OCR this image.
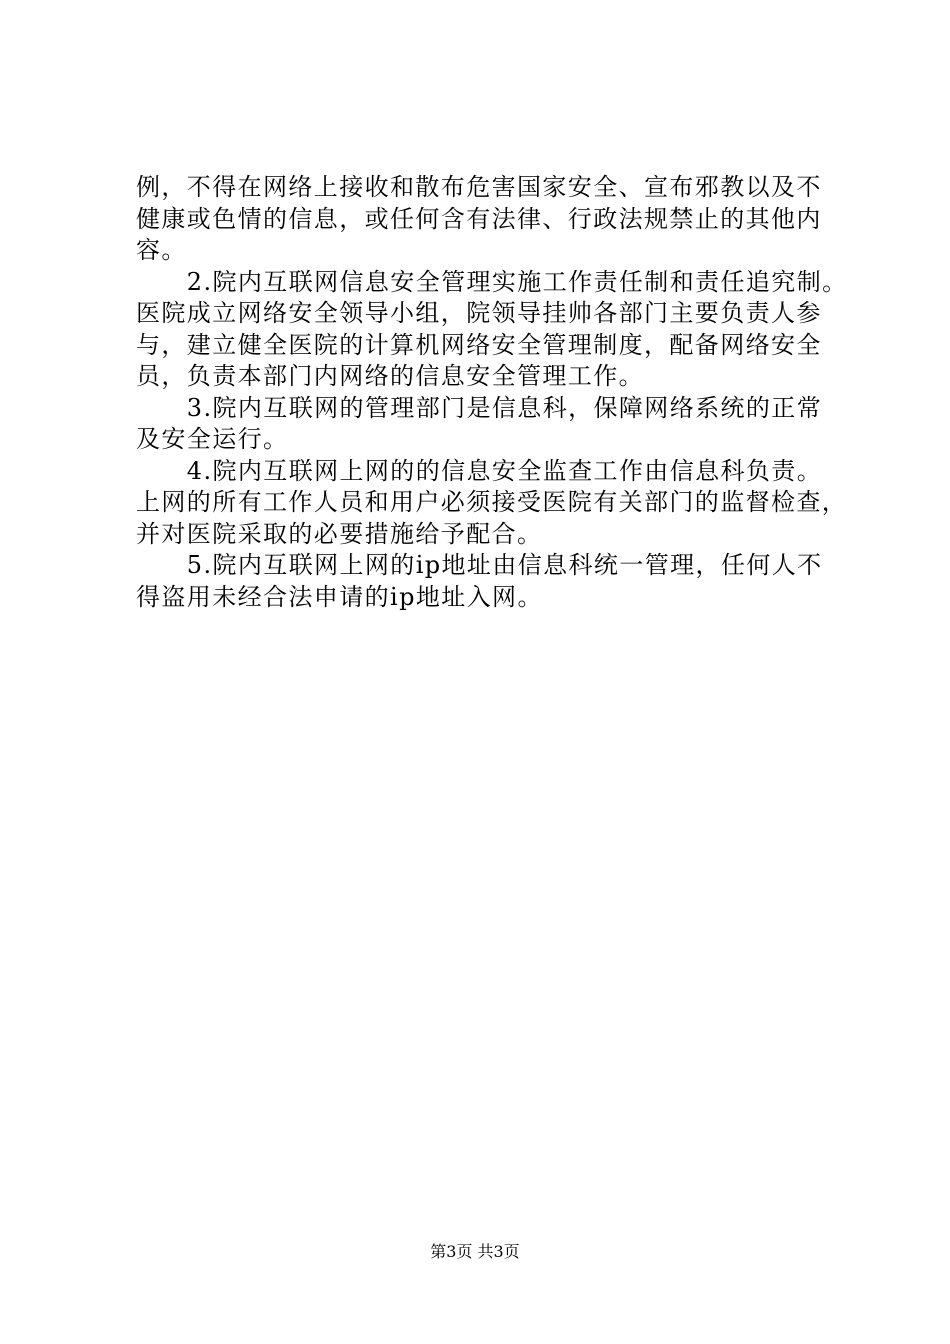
例，不得在网络上接收和散布危害国家安全、宣布邪教以及不
健康或色情的信息，或任何含有法律、行政法规禁止的其他内
容。
　　2.院内互联网信息安全管理实施工作责任制和责任追究制。
医院成立网络安全领导小组，院领导挂帅各部门主要负责人参
与，建立健全医院的计算机网络安全管理制度，配备网络安全
员，负责本部门内网络的信息安全管理工作。
　　3.院内互联网的管理部门是信息科，保障网络系统的正常
及安全运行。
　　4.院内互联网上网的的信息安全监查工作由信息科负责。
上网的所有工作人员和用户必须接受医院有关部门的监督检查，
并对医院采取的必要措施给予配合。
　　5.院内互联网上网的ip地址由信息科统一管理，任何人不
得盗用未经合法申请的ip地址入网。
第3页 共3页
